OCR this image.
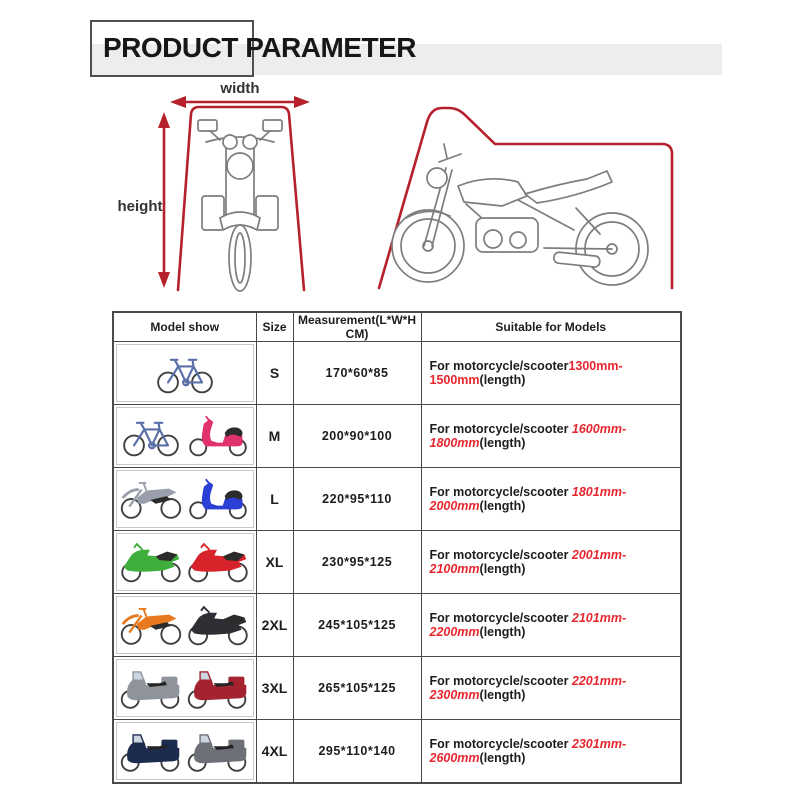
PRODUCT PARAMETER
width
height
Model show	Size	Measurement(L*W*H CM)	Suitable for Models

	S	170*60*85	For motorcycle/scooter1300mm-1500mm(length)

	M	200*90*100	For motorcycle/scooter 1600mm-1800mm(length)

	L	220*95*110	For motorcycle/scooter 1801mm-2000mm(length)

	XL	230*95*125	For motorcycle/scooter 2001mm-2100mm(length)

	2XL	245*105*125	For motorcycle/scooter 2101mm-2200mm(length)

	3XL	265*105*125	For motorcycle/scooter 2201mm-2300mm(length)

	4XL	295*110*140	For motorcycle/scooter 2301mm-2600mm(length)
